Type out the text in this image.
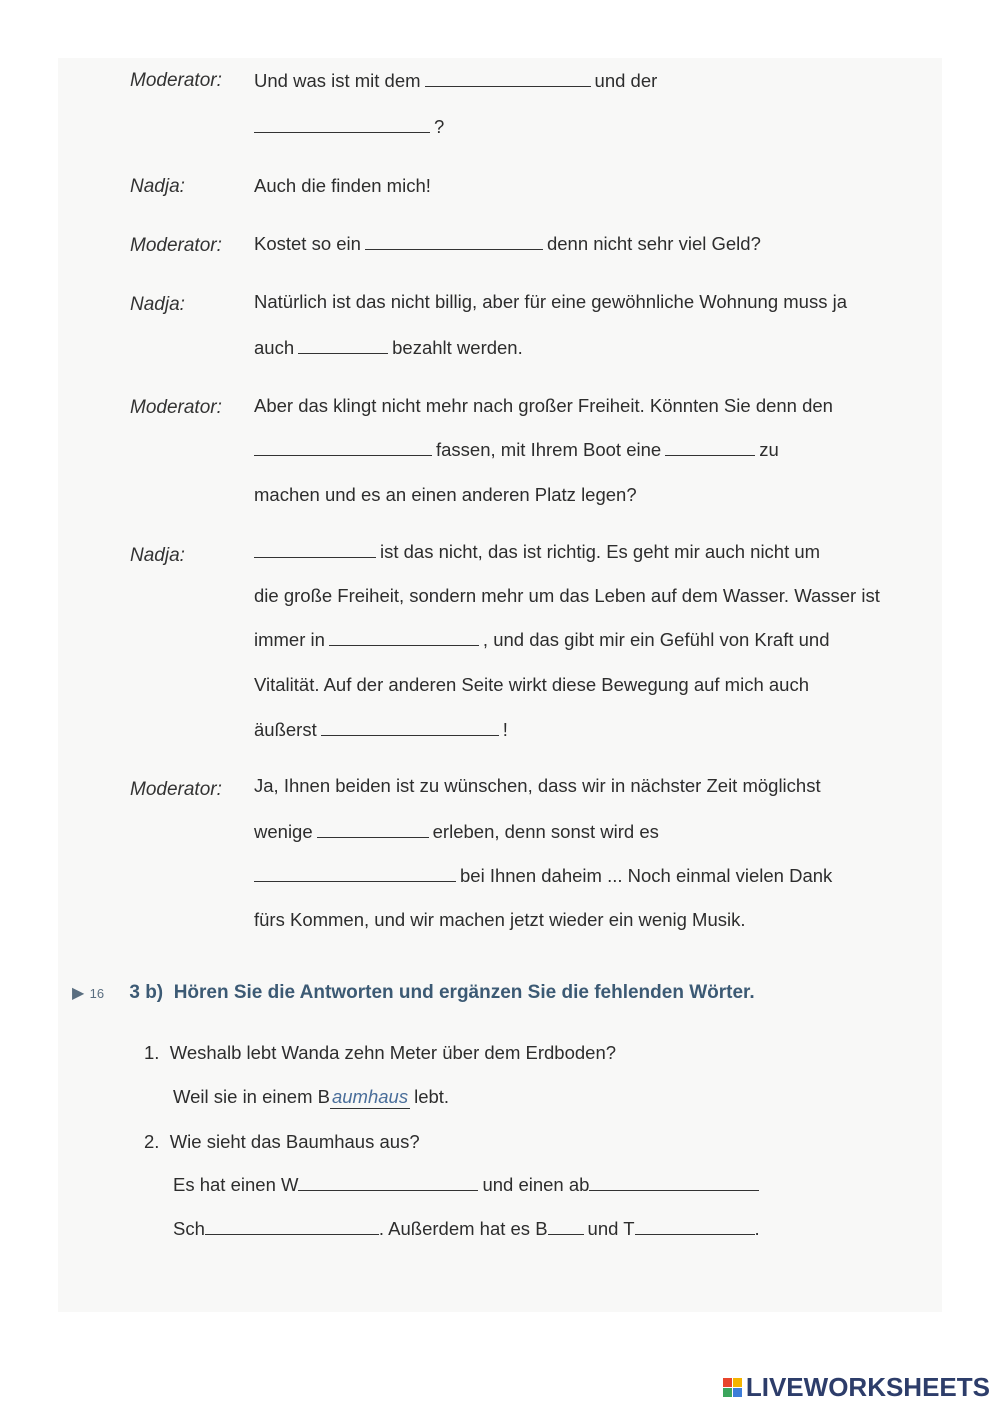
Moderator: Und was ist mit dem	und der
?
Nadja:	Auch die finden mich!
Moderator: Kostet so ein	denn nicht sehr viel Geld?
Nadja:	Natürlich ist das nicht billig, aber für eine gewöhnliche Wohnung muss ja
auch	bezahlt werden.
Moderator: Aber das klingt nicht mehr nach großer Freiheit. Könnten Sie denn den
fassen, mit Ihrem Boot eine	zu
machen und es an einen anderen Platz legen?
Nadja:	ist das nicht, das ist richtig. Es geht mir auch nicht um
die große Freiheit, sondern mehr um das Leben auf dem Wasser. Wasser ist
immer in	, und das gibt mir ein Gefühl von Kraft und
Vitalität. Auf der anderen Seite wirkt diese Bewegung auf mich auch
äußerst	!
Moderator: Ja, Ihnen beiden ist zu wünschen, dass wir in nächster Zeit möglichst
wenige	erleben, denn sonst wird es
bei Ihnen daheim ... Noch einmal vielen Dank
fürs Kommen, und wir machen jetzt wieder ein wenig Musik.
▶ 16 3 b) Hören Sie die Antworten und ergänzen Sie die fehlenden Wörter.
1. Weshalb lebt Wanda zehn Meter über dem Erdboden?
Weil sie in einem B aumhaus lebt.
2. Wie sieht das Baumhaus aus?
Es hat einen W	und einen ab
Sch	. Außerdem hat es B und T	.
LIVEWORKSHEETS
